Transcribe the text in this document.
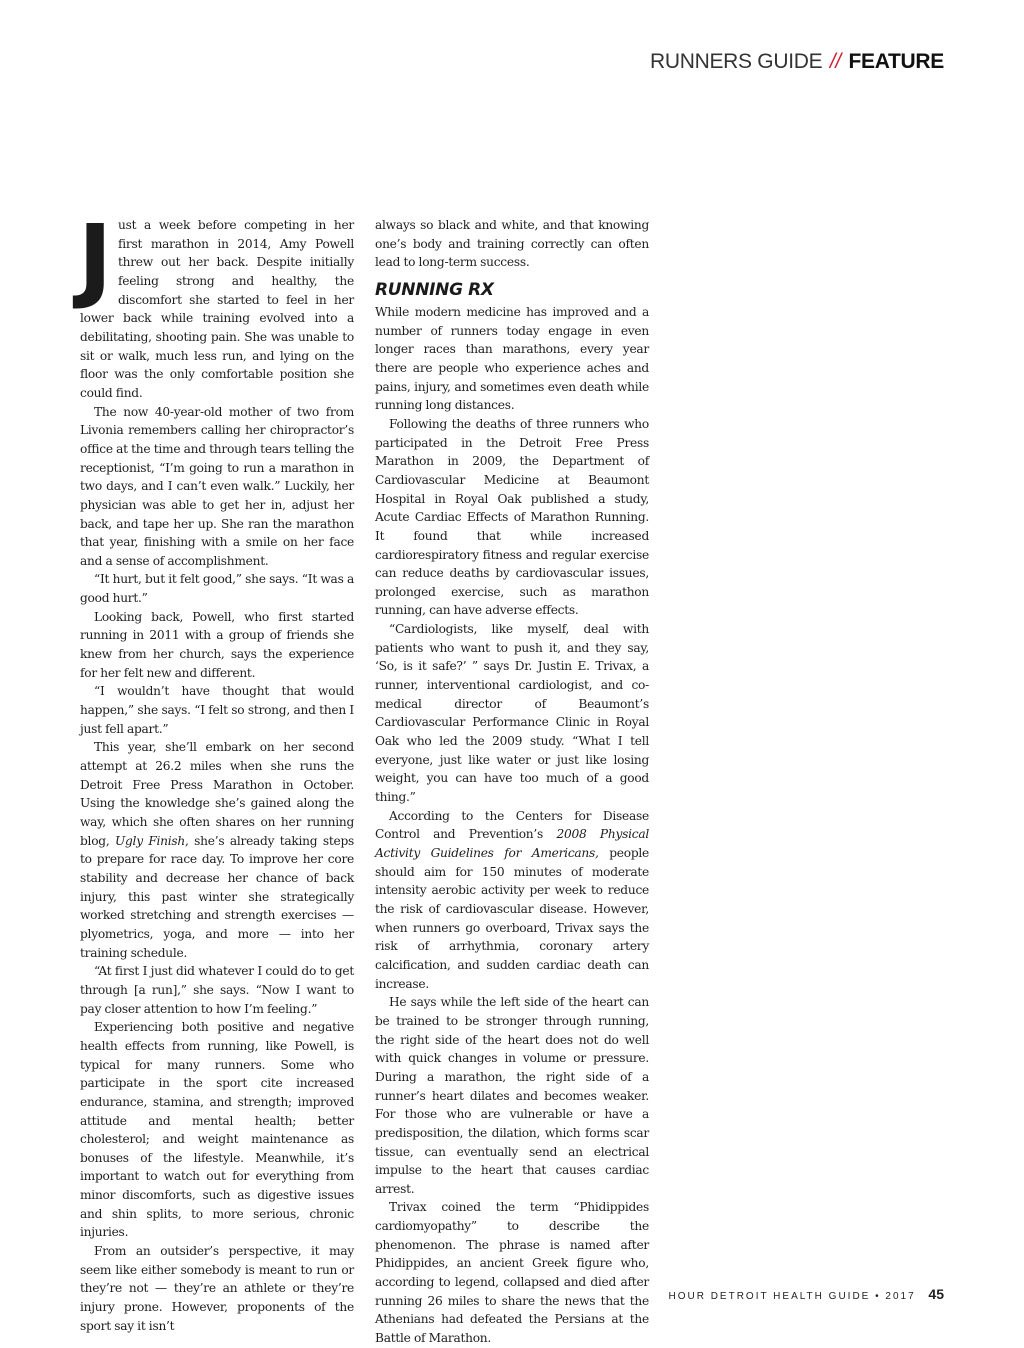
RUNNERS GUIDE // FEATURE

Just a week before competing in her first marathon in 2014, Amy Powell threw out her back. Despite initially feeling strong and healthy, the discomfort she started to feel in her lower back while training evolved into a debilitating, shooting pain. She was unable to sit or walk, much less run, and lying on the floor was the only comfortable position she could find.

The now 40-year-old mother of two from Livonia remembers calling her chiropractor’s office at the time and through tears telling the receptionist, “I’m going to run a marathon in two days, and I can’t even walk.” Luckily, her physician was able to get her in, adjust her back, and tape her up. She ran the marathon that year, finishing with a smile on her face and a sense of accomplishment.

“It hurt, but it felt good,” she says. “It was a good hurt.”

Looking back, Powell, who first started running in 2011 with a group of friends she knew from her church, says the experience for her felt new and different.

“I wouldn’t have thought that would happen,” she says. “I felt so strong, and then I just fell apart.”

This year, she’ll embark on her second attempt at 26.2 miles when she runs the Detroit Free Press Marathon in October. Using the knowledge she’s gained along the way, which she often shares on her running blog, Ugly Finish, she’s already taking steps to prepare for race day. To improve her core stability and decrease her chance of back injury, this past winter she strategically worked stretching and strength exercises — plyometrics, yoga, and more — into her training schedule.

“At first I just did whatever I could do to get through [a run],” she says. “Now I want to pay closer attention to how I’m feeling.”

Experiencing both positive and negative health effects from running, like Powell, is typical for many runners. Some who participate in the sport cite increased endurance, stamina, and strength; improved attitude and mental health; better cholesterol; and weight maintenance as bonuses of the lifestyle. Meanwhile, it’s important to watch out for everything from minor discomforts, such as digestive issues and shin splits, to more serious, chronic injuries.

From an outsider’s perspective, it may seem like either somebody is meant to run or they’re not — they’re an athlete or they’re injury prone. However, proponents of the sport say it isn’t

always so black and white, and that knowing one’s body and training correctly can often lead to long-term success.

RUNNING RX

While modern medicine has improved and a number of runners today engage in even longer races than marathons, every year there are people who experience aches and pains, injury, and sometimes even death while running long distances.

Following the deaths of three runners who participated in the Detroit Free Press Marathon in 2009, the Department of Cardiovascular Medicine at Beaumont Hospital in Royal Oak published a study, Acute Cardiac Effects of Marathon Running. It found that while increased cardiorespiratory fitness and regular exercise can reduce deaths by cardiovascular issues, prolonged exercise, such as marathon running, can have adverse effects.

“Cardiologists, like myself, deal with patients who want to push it, and they say, ‘So, is it safe?’ ” says Dr. Justin E. Trivax, a runner, interventional cardiologist, and co-medical director of Beaumont’s Cardiovascular Performance Clinic in Royal Oak who led the 2009 study. “What I tell everyone, just like water or just like losing weight, you can have too much of a good thing.”

According to the Centers for Disease Control and Prevention’s 2008 Physical Activity Guidelines for Americans, people should aim for 150 minutes of moderate intensity aerobic activity per week to reduce the risk of cardiovascular disease. However, when runners go overboard, Trivax says the risk of arrhythmia, coronary artery calcification, and sudden cardiac death can increase.

He says while the left side of the heart can be trained to be stronger through running, the right side of the heart does not do well with quick changes in volume or pressure. During a marathon, the right side of a runner’s heart dilates and becomes weaker. For those who are vulnerable or have a predisposition, the dilation, which forms scar tissue, can eventually send an electrical impulse to the heart that causes cardiac arrest.

Trivax coined the term “Phidippides cardiomyopathy” to describe the phenomenon. The phrase is named after Phidippides, an ancient Greek figure who, according to legend, collapsed and died after running 26 miles to share the news that the Athenians had defeated the Persians at the Battle of Marathon.

HOUR DETROIT HEALTH GUIDE • 2017 45
